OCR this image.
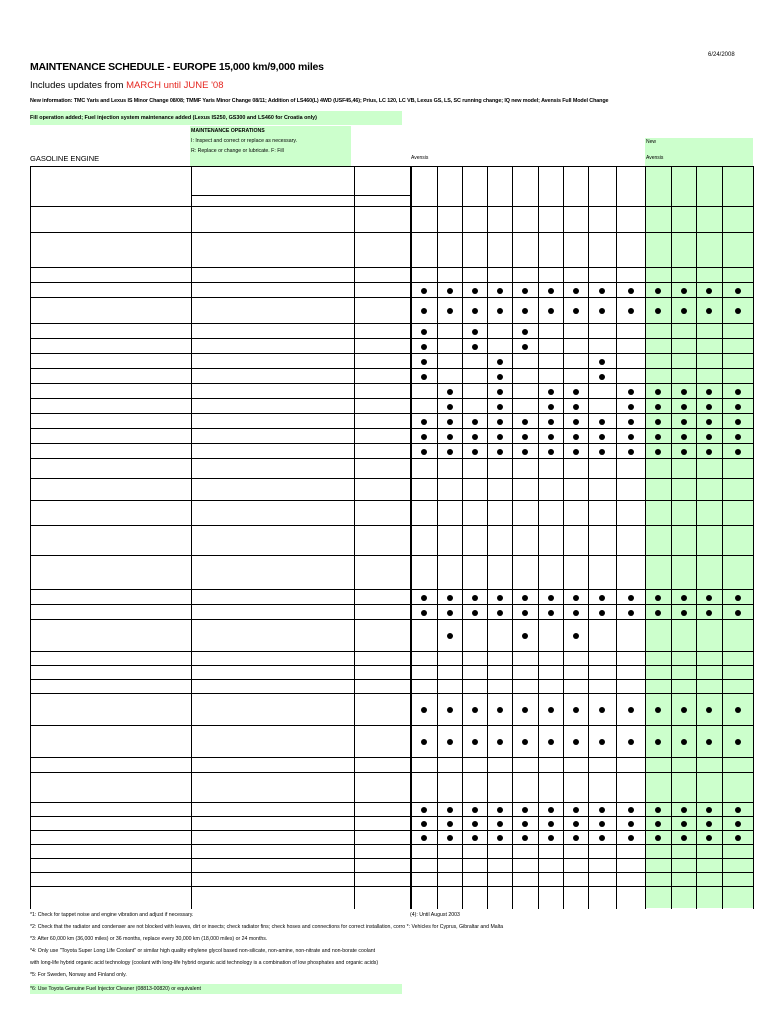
6/24/2008
MAINTENANCE SCHEDULE - EUROPE 15,000 km/9,000 miles
Includes updates from MARCH until JUNE '08
New information: TMC Yaris and Lexus IS Minor Change 08/08; TMMF Yaris Minor Change 08/11; Addition of LS460(L) 4WD (USF45,46); Prius, LC 120, LC VB, Lexus GS, LS, SC running change; IQ new model; Avensis Full Model Change
Fill operation added; Fuel injection system maintenance added (Lexus IS250, GS300 and LS460 for Croatia only)
MAINTENANCE OPERATIONS
I: Inspect and correct or replace as necessary.
R: Replace or change or lubricate. F: Fill
GASOLINE ENGINE
New
Avensis
Avensis
*1: Check for tappet noise and engine vibration and adjust if necessary.	(4): Until August 2003
*2: Check that the radiator and condenser are not blocked with leaves, dirt or insects; check radiator fins; check hoses and connections for correct installation, corro *: Vehicles for Cyprus, Gibraltar and Malta
*3: After 60,000 km (36,000 miles) or 36 months, replace every 30,000 km (18,000 miles) or 24 months.
*4: Only use "Toyota Super Long Life Coolant" or similar high quality ethylene glycol based non-silicate, non-amine, non-nitrate and non-borate coolant
with long-life hybrid organic acid technology (coolant with long-life hybrid organic acid technology is a combination of low phosphates and organic acids)
*5: For Sweden, Norway and Finland only.
*6: Use Toyota Genuine Fuel Injector Cleaner (08813-00820) or equivalent
